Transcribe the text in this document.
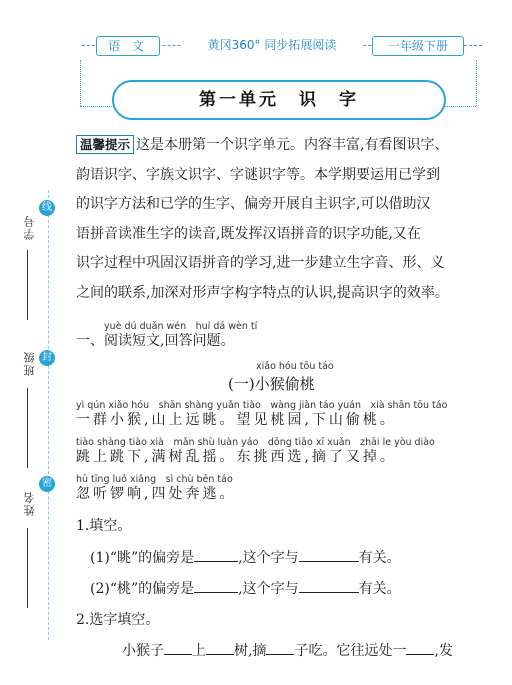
语 文	黄冈360° 同步拓展阅读	一年级下册
第一单元　识　字
线
封
密
学号
班级
姓名
温馨提示 这是本册第一个识字单元。内容丰富,有看图识字、
韵语识字、字族文识字、字谜识字等。本学期要运用已学到
的识字方法和已学的生字、偏旁开展自主识字,可以借助汉
语拼音读准生字的读音,既发挥汉语拼音的识字功能,又在
识字过程中巩固汉语拼音的学习,进一步建立生字音、形、义
之间的联系,加深对形声字构字特点的认识,提高识字的效率。
yuè dú duǎn wén　huí dá wèn tí
一、阅读短文,回答问题。
xiǎo hóu tōu táo
(一)小猴偷桃
yì qún xiǎo hóu　shān shàng yuǎn tiào　wàng jiàn táo yuán　xià shān tōu táo
一群小猴,山上远眺。望见桃园,下山偷桃。
tiào shàng tiào xià　mǎn shù luàn yáo　dōng tiāo xī xuǎn　zhāi le yòu diào
跳上跳下,满树乱摇。东挑西选,摘了又掉。
hū tīng luó xiǎng　sì chù bēn táo
忽听锣响,四处奔逃。
1.填空。
(1)“眺”的偏旁是	,这个字与	有关。
(2)“桃”的偏旁是	,这个字与	有关。
2.选字填空。
小猴子 上 树,摘 子吃。它往远处一 ,发
